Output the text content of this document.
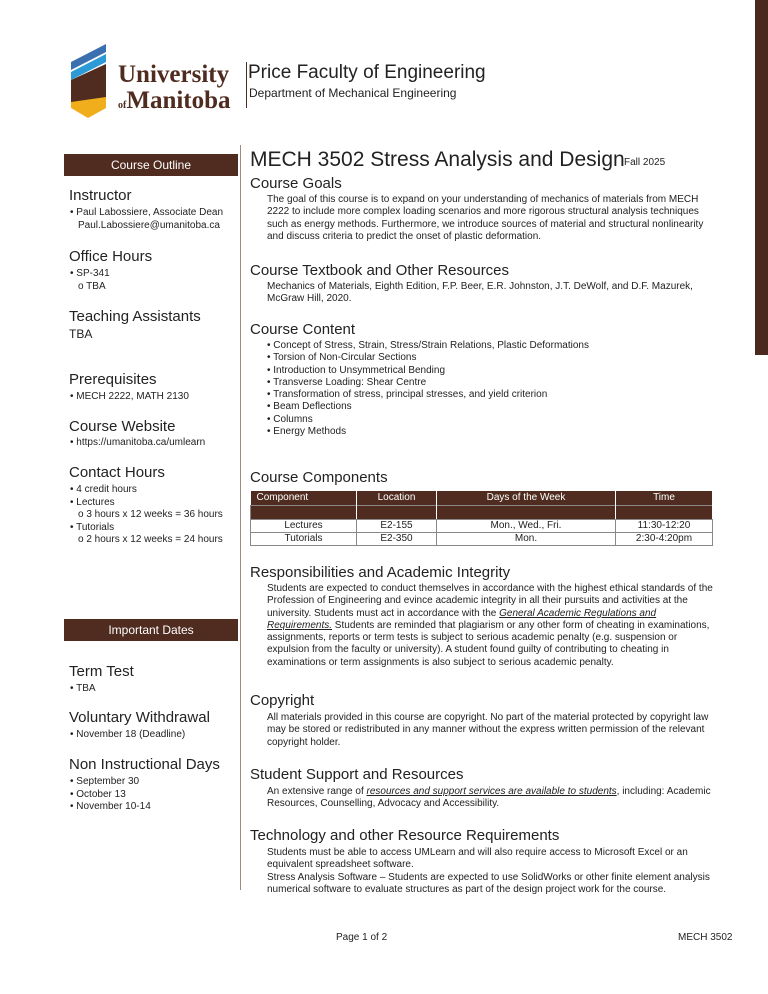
University
ofManitoba
Price Faculty of Engineering
Department of Mechanical Engineering
Course Outline
Instructor
• Paul Labossiere, Associate Dean
Paul.Labossiere@umanitoba.ca
Office Hours
• SP-341
o TBA
Teaching Assistants
TBA
Prerequisites
• MECH 2222, MATH 2130
Course Website
• https://umanitoba.ca/umlearn
Contact Hours
• 4 credit hours
• Lectures
o 3 hours x 12 weeks = 36 hours
• Tutorials
o 2 hours x 12 weeks = 24 hours
Important Dates
Term Test
• TBA
Voluntary Withdrawal
• November 18 (Deadline)
Non Instructional Days
• September 30
• October 13
• November 10-14
MECH 3502 Stress Analysis and Design Fall 2025
Course Goals
The goal of this course is to expand on your understanding of mechanics of materials from MECH 2222 to include more complex loading scenarios and more rigorous structural analysis techniques such as energy methods. Furthermore, we introduce sources of material and structural nonlinearity and discuss criteria to predict the onset of plastic deformation.
Course Textbook and Other Resources
Mechanics of Materials, Eighth Edition, F.P. Beer, E.R. Johnston, J.T. DeWolf, and D.F. Mazurek, McGraw Hill, 2020.
Course Content
• Concept of Stress, Strain, Stress/Strain Relations, Plastic Deformations
• Torsion of Non-Circular Sections
• Introduction to Unsymmetrical Bending
• Transverse Loading: Shear Centre
• Transformation of stress, principal stresses, and yield criterion
• Beam Deflections
• Columns
• Energy Methods
Course Components
Component	Location	Days of the Week	Time

Lectures	E2-155	Mon., Wed., Fri.	11:30-12:20
Tutorials	E2-350	Mon.	2:30-4:20pm
Responsibilities and Academic Integrity
Students are expected to conduct themselves in accordance with the highest ethical standards of the Profession of Engineering and evince academic integrity in all their pursuits and activities at the university. Students must act in accordance with the General Academic Regulations and Requirements. Students are reminded that plagiarism or any other form of cheating in examinations, assignments, reports or term tests is subject to serious academic penalty (e.g. suspension or expulsion from the faculty or university). A student found guilty of contributing to cheating in examinations or term assignments is also subject to serious academic penalty.
Copyright
All materials provided in this course are copyright. No part of the material protected by copyright law may be stored or redistributed in any manner without the express written permission of the relevant copyright holder.
Student Support and Resources
An extensive range of resources and support services are available to students, including: Academic Resources, Counselling, Advocacy and Accessibility.
Technology and other Resource Requirements
Students must be able to access UMLearn and will also require access to Microsoft Excel or an equivalent spreadsheet software.
Stress Analysis Software – Students are expected to use SolidWorks or other finite element analysis numerical software to evaluate structures as part of the design project work for the course.
Page 1 of 2	MECH 3502
